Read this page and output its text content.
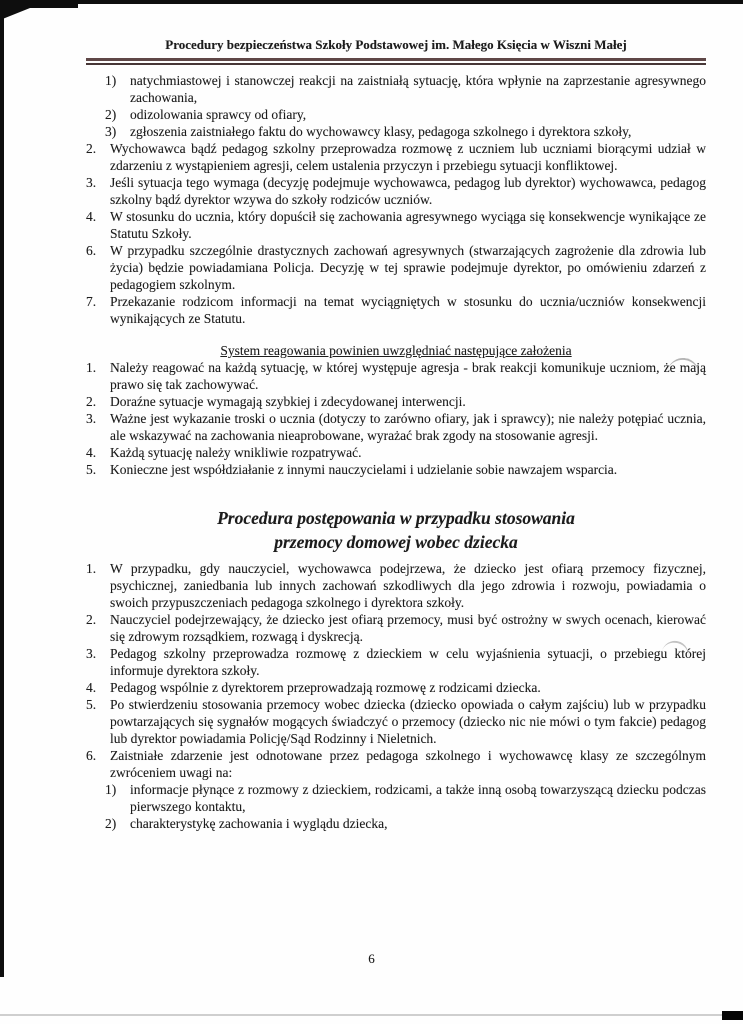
Procedury bezpieczeństwa Szkoły Podstawowej im. Małego Księcia w Wiszni Małej
1) natychmiastowej i stanowczej reakcji na zaistniałą sytuację, która wpłynie na zaprzestanie agresywnego zachowania,
2) odizolowania sprawcy od ofiary,
3) zgłoszenia zaistniałego faktu do wychowawcy klasy, pedagoga szkolnego i dyrektora szkoły,
2. Wychowawca bądź pedagog szkolny przeprowadza rozmowę z uczniem lub uczniami biorącymi udział w zdarzeniu z wystąpieniem agresji, celem ustalenia przyczyn i przebiegu sytuacji konfliktowej.
3. Jeśli sytuacja tego wymaga (decyzję podejmuje wychowawca, pedagog lub dyrektor) wychowawca, pedagog szkolny bądź dyrektor wzywa do szkoły rodziców uczniów.
4. W stosunku do ucznia, który dopuścił się zachowania agresywnego wyciąga się konsekwencje wynikające ze Statutu Szkoły.
6. W przypadku szczególnie drastycznych zachowań agresywnych (stwarzających zagrożenie dla zdrowia lub życia) będzie powiadamiana Policja. Decyzję w tej sprawie podejmuje dyrektor, po omówieniu zdarzeń z pedagogiem szkolnym.
7. Przekazanie rodzicom informacji na temat wyciągniętych w stosunku do ucznia/uczniów konsekwencji wynikających ze Statutu.
System reagowania powinien uwzględniać następujące założenia
1. Należy reagować na każdą sytuację, w której występuje agresja - brak reakcji komunikuje uczniom, że mają prawo się tak zachowywać.
2. Doraźne sytuacje wymagają szybkiej i zdecydowanej interwencji.
3. Ważne jest wykazanie troski o ucznia (dotyczy to zarówno ofiary, jak i sprawcy); nie należy potępiać ucznia, ale wskazywać na zachowania nieaprobowane, wyrażać brak zgody na stosowanie agresji.
4. Każdą sytuację należy wnikliwie rozpatrywać.
5. Konieczne jest współdziałanie z innymi nauczycielami i udzielanie sobie nawzajem wsparcia.
Procedura postępowania w przypadku stosowania
przemocy domowej wobec dziecka
1. W przypadku, gdy nauczyciel, wychowawca podejrzewa, że dziecko jest ofiarą przemocy fizycznej, psychicznej, zaniedbania lub innych zachowań szkodliwych dla jego zdrowia i rozwoju, powiadamia o swoich przypuszczeniach pedagoga szkolnego i dyrektora szkoły.
2. Nauczyciel podejrzewający, że dziecko jest ofiarą przemocy, musi być ostrożny w swych ocenach, kierować się zdrowym rozsądkiem, rozwagą i dyskrecją.
3. Pedagog szkolny przeprowadza rozmowę z dzieckiem w celu wyjaśnienia sytuacji, o przebiegu której informuje dyrektora szkoły.
4. Pedagog wspólnie z dyrektorem przeprowadzają rozmowę z rodzicami dziecka.
5. Po stwierdzeniu stosowania przemocy wobec dziecka (dziecko opowiada o całym zajściu) lub w przypadku powtarzających się sygnałów mogących świadczyć o przemocy (dziecko nic nie mówi o tym fakcie) pedagog lub dyrektor powiadamia Policję/Sąd Rodzinny i Nieletnich.
6. Zaistniałe zdarzenie jest odnotowane przez pedagoga szkolnego i wychowawcę klasy ze szczególnym zwróceniem uwagi na:
1) informacje płynące z rozmowy z dzieckiem, rodzicami, a także inną osobą towarzyszącą dziecku podczas pierwszego kontaktu,
2) charakterystykę zachowania i wyglądu dziecka,
6
